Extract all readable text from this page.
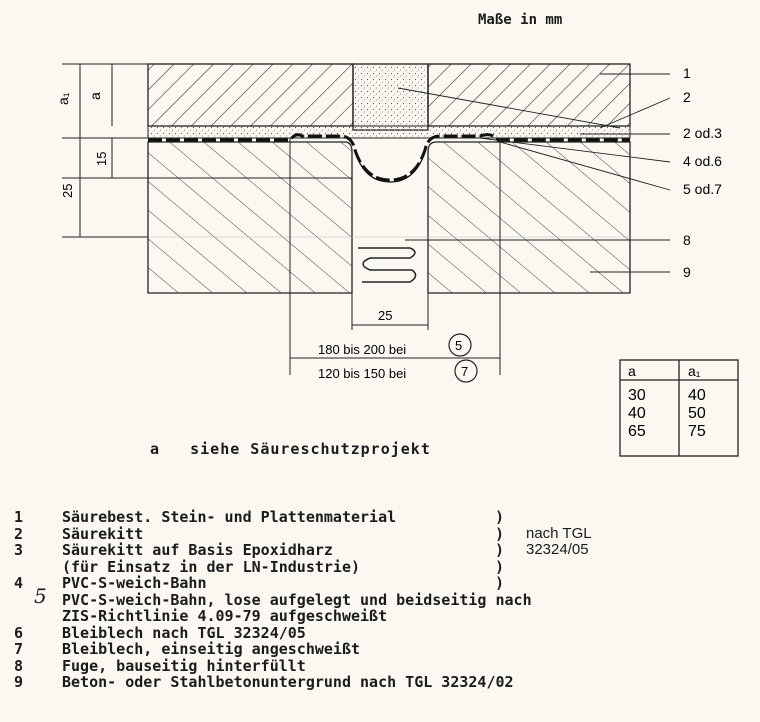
Maße in mm
a₁ a
15
25
25
180 bis 200 bei	5
120 bis 150 bei	7
1
2
2 od.3
4 od.6
5 od.7
8
9
a	a₁
30	40
40	50
65	75
a   siehe Säureschutzprojekt
1	Säurebest. Stein- und Plattenmaterial	)
2	Säurekitt	) nach TGL
3	Säurekitt auf Basis Epoxidharz	) 32324/05
(für Einsatz in der LN-Industrie)	)
4	PVC-S-weich-Bahn	)
5	PVC-S-weich-Bahn, lose aufgelegt und beidseitig nach
ZIS-Richtlinie 4.09-79 aufgeschweißt
6	Bleiblech nach TGL 32324/05
7	Bleiblech, einseitig angeschweißt
8	Fuge, bauseitig hinterfüllt
9	Beton- oder Stahlbetonuntergrund nach TGL 32324/02
